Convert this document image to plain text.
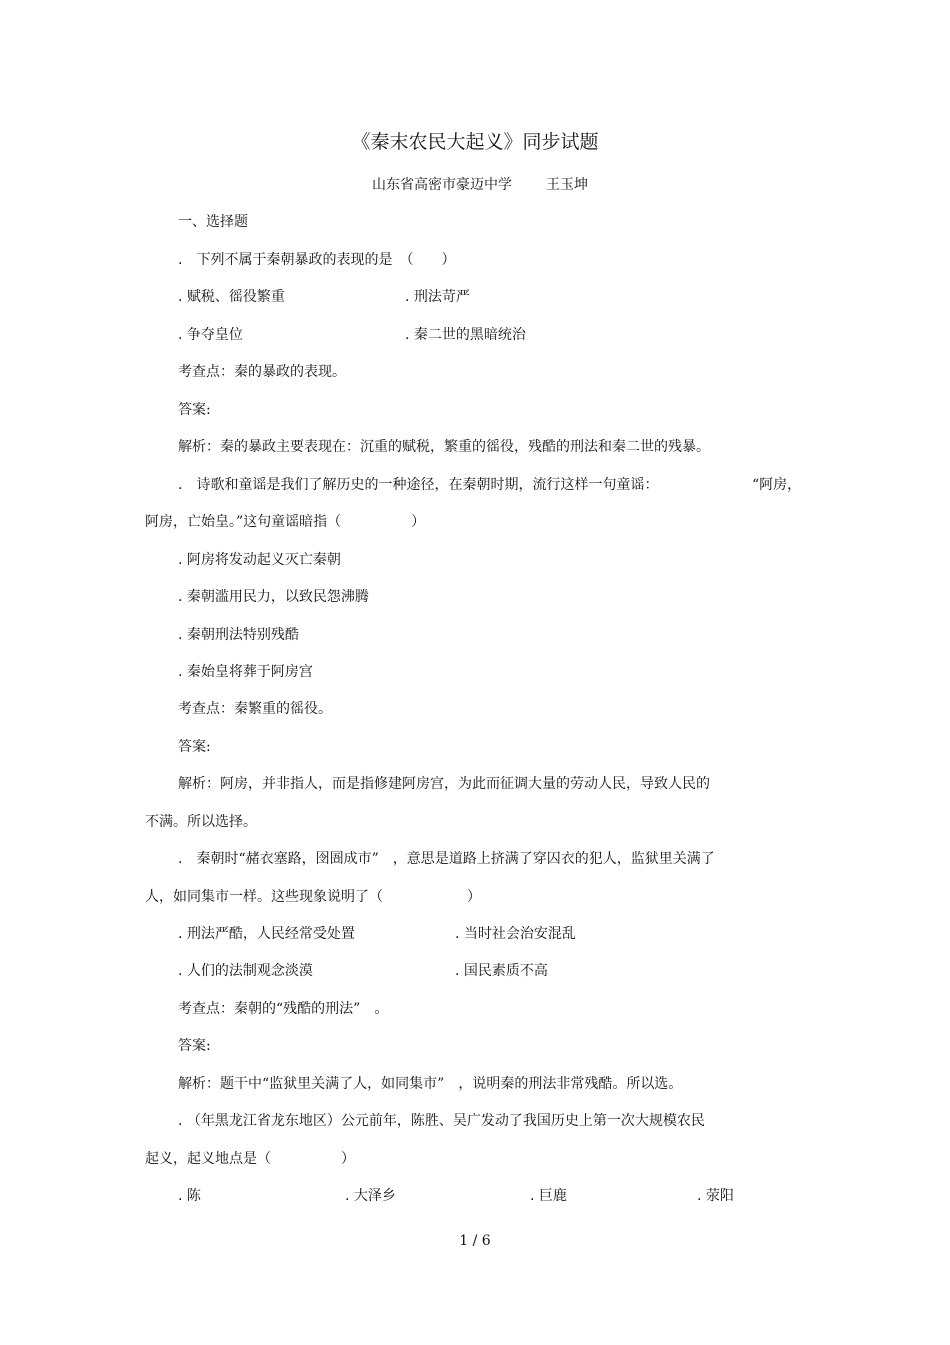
《秦末农民大起义》同步试题
山东省高密市豪迈中学 王玉坤
一、选择题
.　下列不属于秦朝暴政的表现的是　（　　）
. 赋税、徭役繁重	. 刑法苛严
. 争夺皇位	. 秦二世的黑暗统治
考查点：秦的暴政的表现。
答案:
解析：秦的暴政主要表现在：沉重的赋税，繁重的徭役，残酷的刑法和秦二世的残暴。
.　诗歌和童谣是我们了解历史的一种途径，在秦朝时期，流行这样一句童谣：	“阿房，
阿房，亡始皇。”这句童谣暗指（　　　　　）
. 阿房将发动起义灭亡秦朝
. 秦朝滥用民力，以致民怨沸腾
. 秦朝刑法特别残酷
. 秦始皇将葬于阿房宫
考查点：秦繁重的徭役。
答案:
解析：阿房，并非指人，而是指修建阿房宫，为此而征调大量的劳动人民，导致人民的
不满。所以选择。
.　秦朝时“赭衣塞路，囹圄成市”　，意思是道路上挤满了穿囚衣的犯人，监狱里关满了
人，如同集市一样。这些现象说明了（　　　　　　）
. 刑法严酷，人民经常受处置	. 当时社会治安混乱
. 人们的法制观念淡漠	. 国民素质不高
考查点：秦朝的“残酷的刑法”　。
答案:
解析：题干中“监狱里关满了人，如同集市”　，说明秦的刑法非常残酷。所以选。
. （年黑龙江省龙东地区）公元前年，陈胜、吴广发动了我国历史上第一次大规模农民
起义，起义地点是（　　　　　）
. 陈	. 大泽乡	. 巨鹿	. 荥阳
1 / 6
